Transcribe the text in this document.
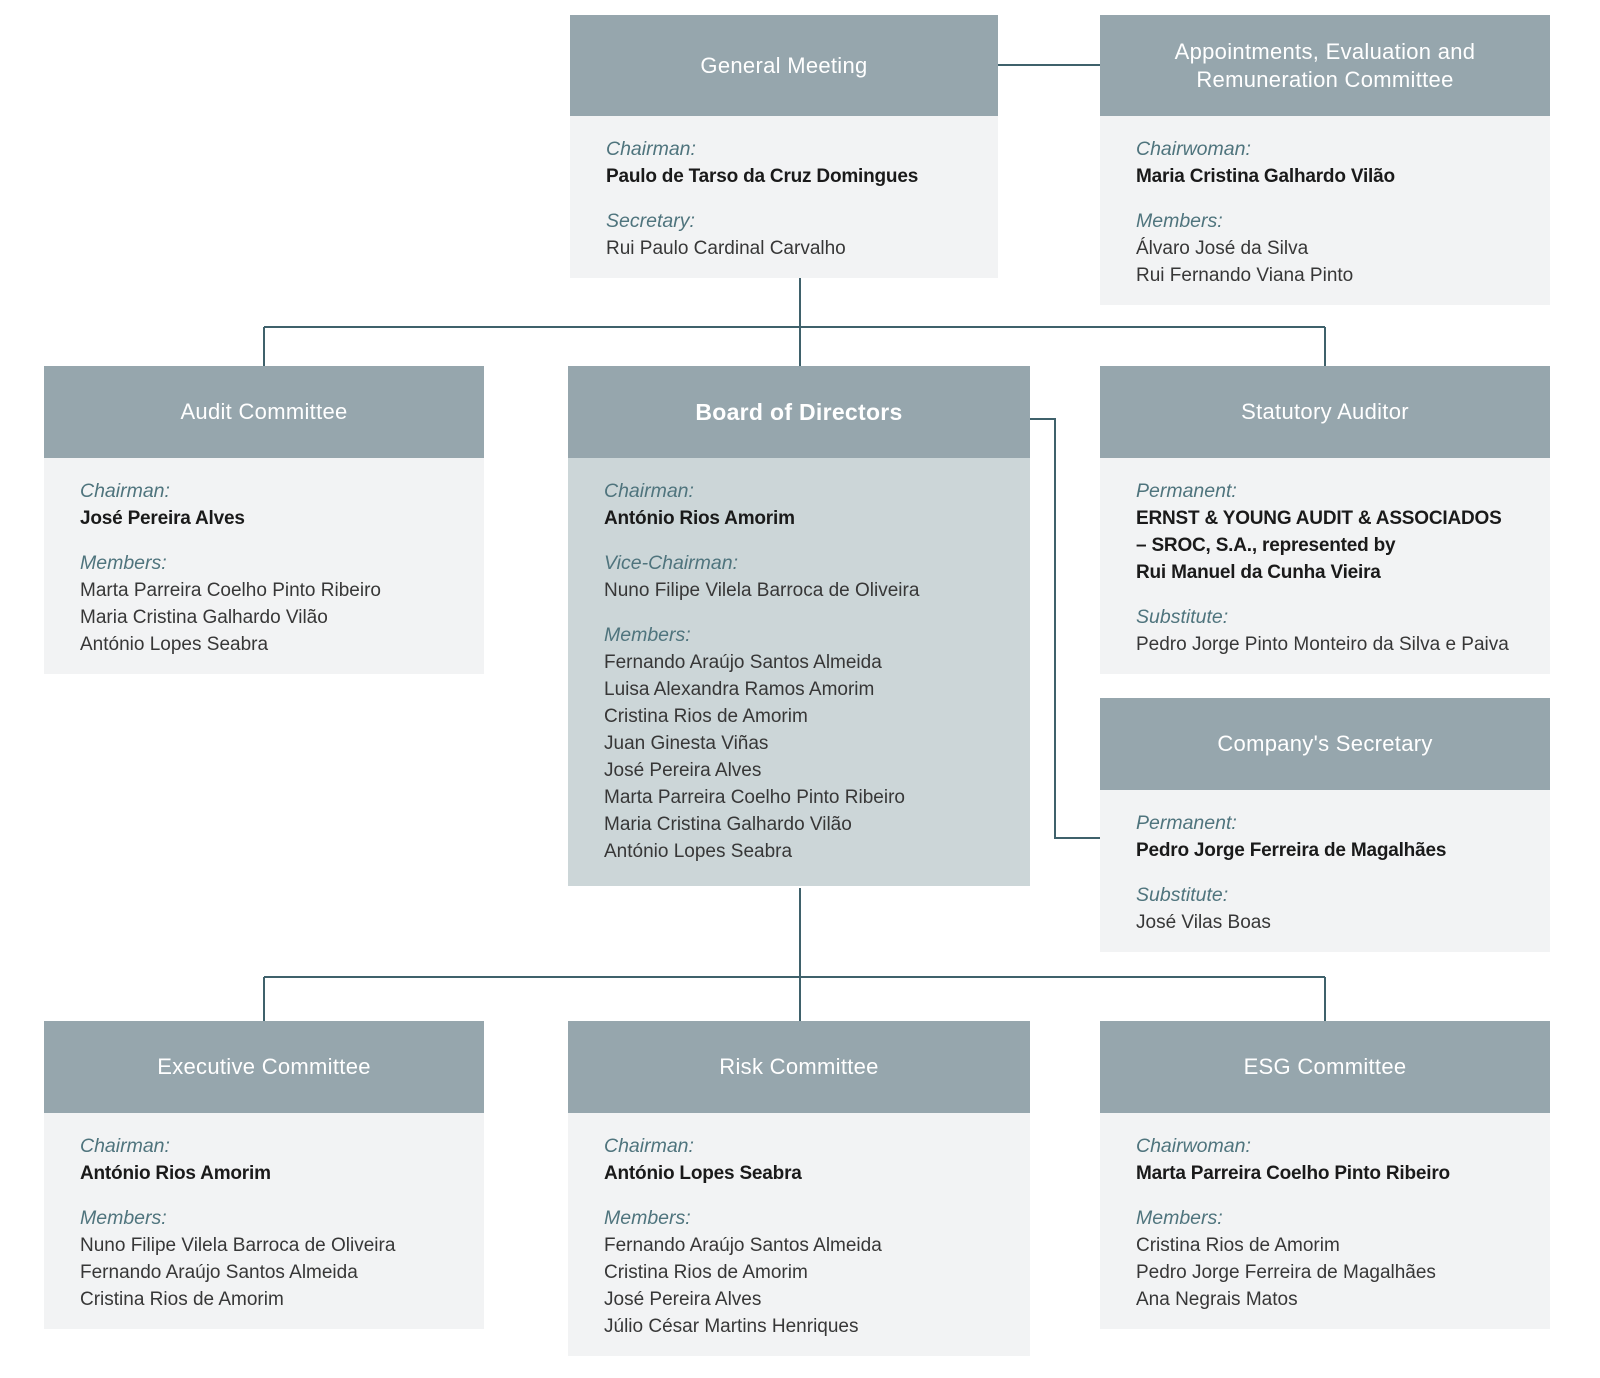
General Meeting
Chairman:
Paulo de Tarso da Cruz Domingues
Secretary:
Rui Paulo Cardinal Carvalho
Appointments, Evaluation and Remuneration Committee
Chairwoman:
Maria Cristina Galhardo Vilão
Members:
Álvaro José da Silva
Rui Fernando Viana Pinto
Audit Committee
Chairman:
José Pereira Alves
Members:
Marta Parreira Coelho Pinto Ribeiro
Maria Cristina Galhardo Vilão
António Lopes Seabra
Board of Directors
Chairman:
António Rios Amorim
Vice-Chairman:
Nuno Filipe Vilela Barroca de Oliveira
Members:
Fernando Araújo Santos Almeida
Luisa Alexandra Ramos Amorim
Cristina Rios de Amorim
Juan Ginesta Viñas
José Pereira Alves
Marta Parreira Coelho Pinto Ribeiro
Maria Cristina Galhardo Vilão
António Lopes Seabra
Statutory Auditor
Permanent:
ERNST & YOUNG AUDIT & ASSOCIADOS
– SROC, S.A., represented by
Rui Manuel da Cunha Vieira
Substitute:
Pedro Jorge Pinto Monteiro da Silva e Paiva
Company's Secretary
Permanent:
Pedro Jorge Ferreira de Magalhães
Substitute:
José Vilas Boas
Executive Committee
Chairman:
António Rios Amorim
Members:
Nuno Filipe Vilela Barroca de Oliveira
Fernando Araújo Santos Almeida
Cristina Rios de Amorim
Risk Committee
Chairman:
António Lopes Seabra
Members:
Fernando Araújo Santos Almeida
Cristina Rios de Amorim
José Pereira Alves
Júlio César Martins Henriques
ESG Committee
Chairwoman:
Marta Parreira Coelho Pinto Ribeiro
Members:
Cristina Rios de Amorim
Pedro Jorge Ferreira de Magalhães
Ana Negrais Matos
